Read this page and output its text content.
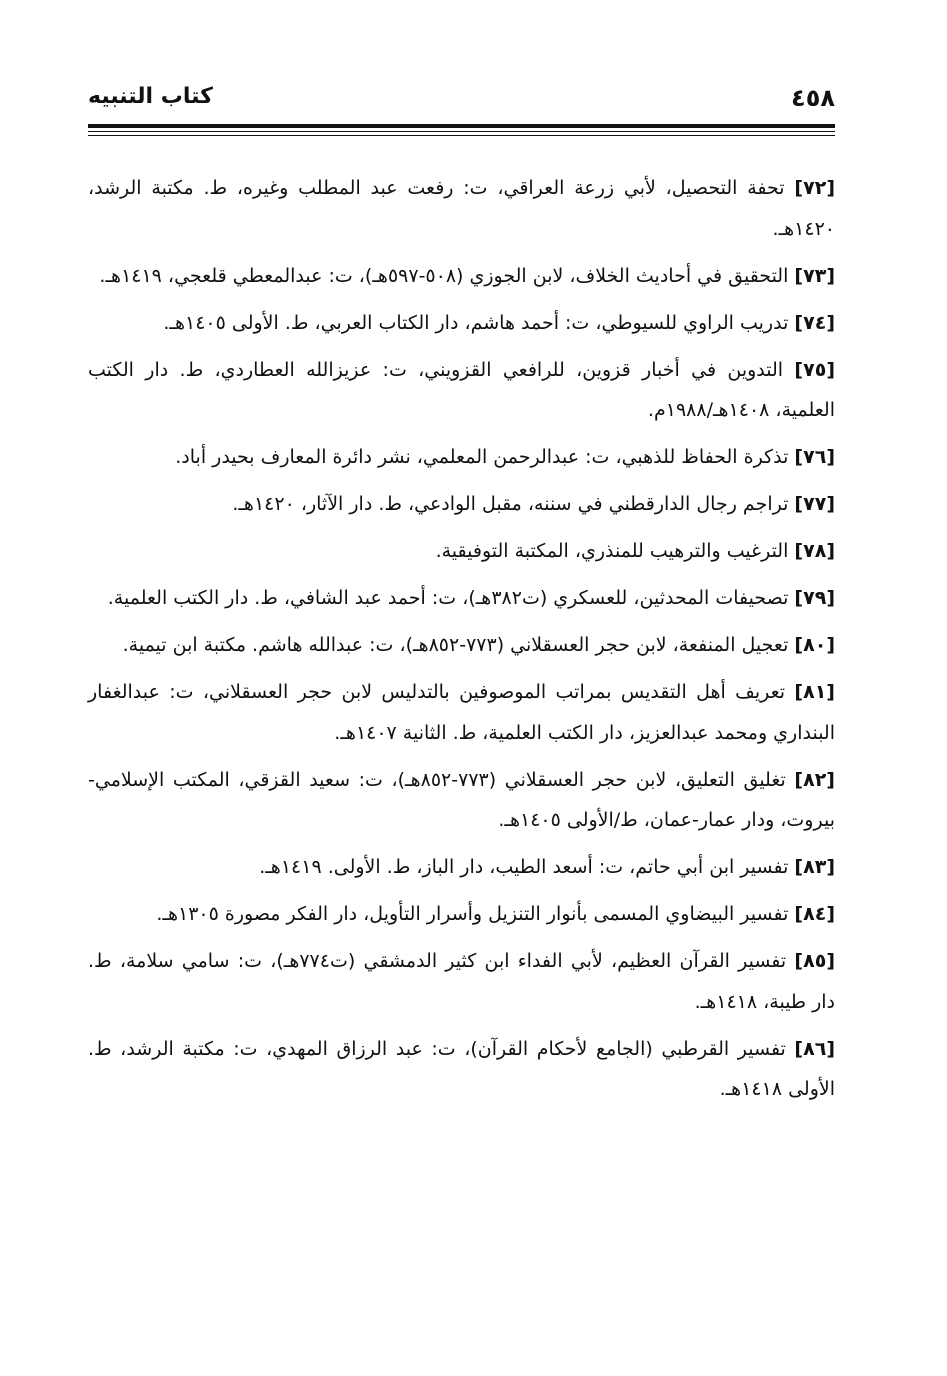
كتاب التنبيه	٤٥٨

[٧٢] تحفة التحصيل، لأبي زرعة العراقي، ت: رفعت عبد المطلب وغيره، ط. مكتبة الرشد، ١٤٢٠هـ.

[٧٣] التحقيق في أحاديث الخلاف، لابن الجوزي (٥٠٨-٥٩٧هـ)، ت: عبدالمعطي قلعجي، ١٤١٩هـ.

[٧٤] تدريب الراوي للسيوطي، ت: أحمد هاشم، دار الكتاب العربي، ط. الأولى ١٤٠٥هـ.

[٧٥] التدوين في أخبار قزوين، للرافعي القزويني، ت: عزيزالله العطاردي، ط. دار الكتب العلمية، ١٤٠٨هـ/١٩٨٨م.

[٧٦] تذكرة الحفاظ للذهبي، ت: عبدالرحمن المعلمي، نشر دائرة المعارف بحيدر أباد.

[٧٧] تراجم رجال الدارقطني في سننه، مقبل الوادعي، ط. دار الآثار، ١٤٢٠هـ.

[٧٨] الترغيب والترهيب للمنذري، المكتبة التوفيقية.

[٧٩] تصحيفات المحدثين، للعسكري (ت٣٨٢هـ)، ت: أحمد عبد الشافي، ط. دار الكتب العلمية.

[٨٠] تعجيل المنفعة، لابن حجر العسقلاني (٧٧٣-٨٥٢هـ)، ت: عبدالله هاشم. مكتبة ابن تيمية.

[٨١] تعريف أهل التقديس بمراتب الموصوفين بالتدليس لابن حجر العسقلاني، ت: عبدالغفار البنداري ومحمد عبدالعزيز، دار الكتب العلمية، ط. الثانية ١٤٠٧هـ.

[٨٢] تغليق التعليق، لابن حجر العسقلاني (٧٧٣-٨٥٢هـ)، ت: سعيد القزقي، المكتب الإسلامي-بيروت، ودار عمار-عمان، ط/الأولى ١٤٠٥هـ.

[٨٣] تفسير ابن أبي حاتم، ت: أسعد الطيب، دار الباز، ط. الأولى. ١٤١٩هـ.

[٨٤] تفسير البيضاوي المسمى بأنوار التنزيل وأسرار التأويل، دار الفكر مصورة ١٣٠٥هـ.

[٨٥] تفسير القرآن العظيم، لأبي الفداء ابن كثير الدمشقي (ت٧٧٤هـ)، ت: سامي سلامة، ط. دار طيبة، ١٤١٨هـ.

[٨٦] تفسير القرطبي (الجامع لأحكام القرآن)، ت: عبد الرزاق المهدي، ت: مكتبة الرشد، ط. الأولى ١٤١٨هـ.
